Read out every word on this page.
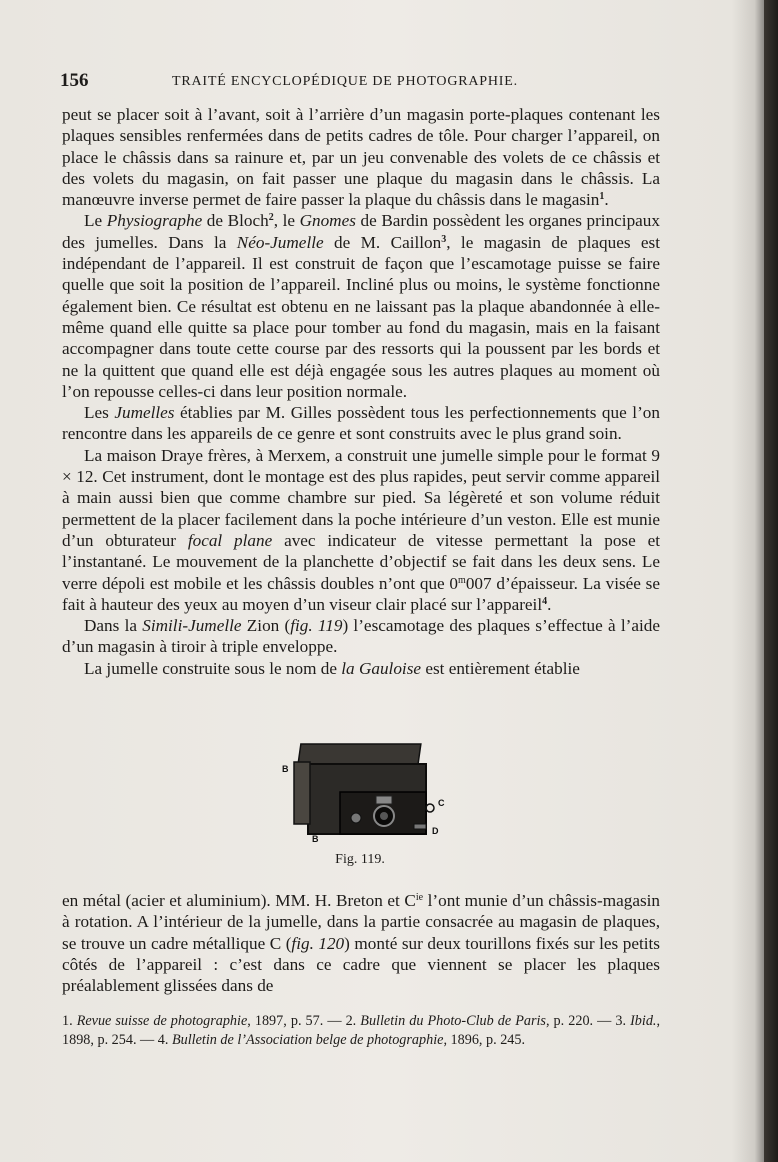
156	TRAITÉ ENCYCLOPÉDIQUE DE PHOTOGRAPHIE.

peut se placer soit à l’avant, soit à l’arrière d’un magasin porte-plaques contenant les plaques sensibles renfermées dans de petits cadres de tôle. Pour charger l’appareil, on place le châssis dans sa rainure et, par un jeu convenable des volets de ce châssis et des volets du magasin, on fait passer une plaque du magasin dans le châssis. La manœuvre inverse permet de faire passer la plaque du châssis dans le magasin$^1$.

Le Physiographe de Bloch$^2$, le Gnomes de Bardin possèdent les organes principaux des jumelles. Dans la Néo-Jumelle de M. Caillon$^3$, le magasin de plaques est indépendant de l’appareil. Il est construit de façon que l’escamotage puisse se faire quelle que soit la position de l’appareil. Incliné plus ou moins, le système fonctionne également bien. Ce résultat est obtenu en ne laissant pas la plaque abandonnée à elle-même quand elle quitte sa place pour tomber au fond du magasin, mais en la faisant accompagner dans toute cette course par des ressorts qui la poussent par les bords et ne la quittent que quand elle est déjà engagée sous les autres plaques au moment où l’on repousse celles-ci dans leur position normale.

Les Jumelles établies par M. Gilles possèdent tous les perfectionnements que l’on rencontre dans les appareils de ce genre et sont construits avec le plus grand soin.

La maison Draye frères, à Merxem, a construit une jumelle simple pour le format 9 × 12. Cet instrument, dont le montage est des plus rapides, peut servir comme appareil à main aussi bien que comme chambre sur pied. Sa légèreté et son volume réduit permettent de la placer facilement dans la poche intérieure d’un veston. Elle est munie d’un obturateur focal plane avec indicateur de vitesse permettant la pose et l’instantané. Le mouvement de la planchette d’objectif se fait dans les deux sens. Le verre dépoli est mobile et les châssis doubles n’ont que 0$^m$007 d’épaisseur. La visée se fait à hauteur des yeux au moyen d’un viseur clair placé sur l’appareil$^4$.

Dans la Simili-Jumelle Zion (fig. 119) l’escamotage des plaques s’effectue à l’aide d’un magasin à tiroir à triple enveloppe.

La jumelle construite sous le nom de la Gauloise est entièrement établie

B
B
C
D
Fig. 119.

en métal (acier et aluminium). MM. H. Breton et $C^{ie}$ l’ont munie d’un châssis-magasin à rotation. A l’intérieur de la jumelle, dans la partie consacrée au magasin de plaques, se trouve un cadre métallique C (fig. 120) monté sur deux tourillons fixés sur les petits côtés de l’appareil : c’est dans ce cadre que viennent se placer les plaques préalablement glissées dans de

1. Revue suisse de photographie, 1897, p. 57. — 2. Bulletin du Photo-Club de Paris, p. 220. — 3. Ibid., 1898, p. 254. — 4. Bulletin de l’Association belge de photographie, 1896, p. 245.
